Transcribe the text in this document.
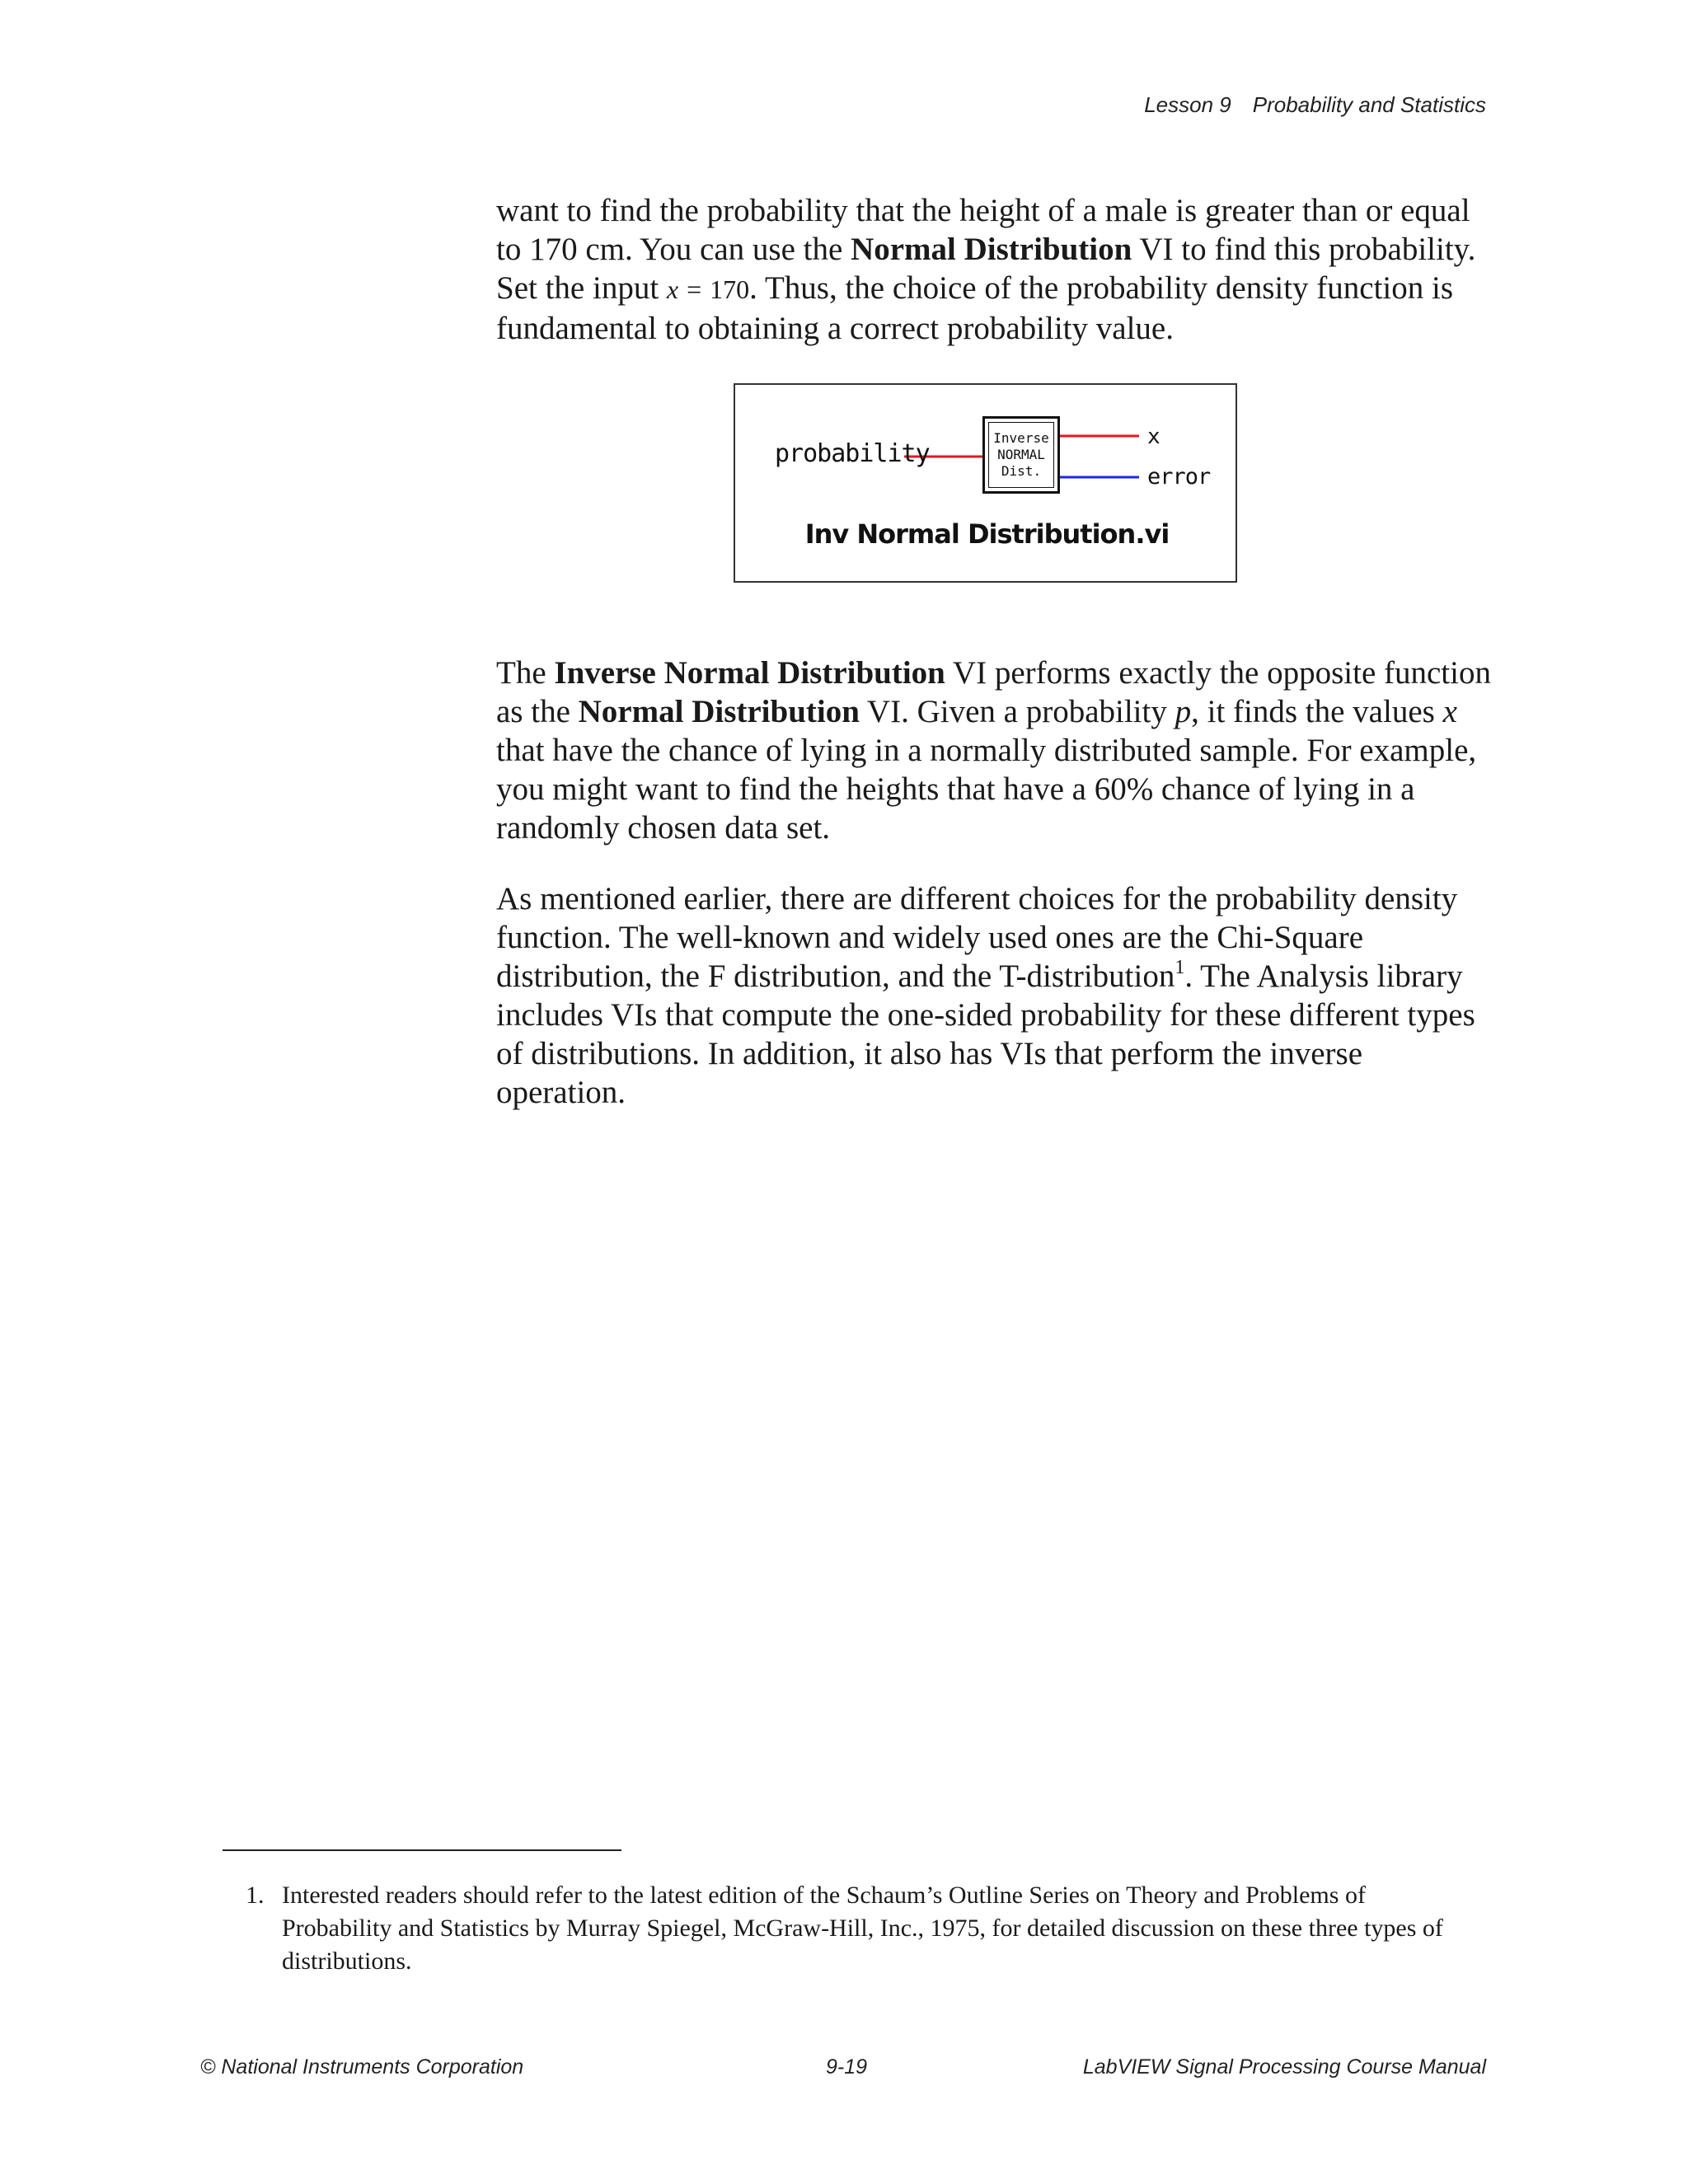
Lesson 9 Probability and Statistics

want to find the probability that the height of a male is greater than or equal to 170 cm. You can use the Normal Distribution VI to find this probability. Set the input x = 170. Thus, the choice of the probability density function is fundamental to obtaining a correct probability value.

probability
Inverse
NORMAL
Dist.
x
error
Inv Normal Distribution.vi

The Inverse Normal Distribution VI performs exactly the opposite function as the Normal Distribution VI. Given a probability p, it finds the values x that have the chance of lying in a normally distributed sample. For example, you might want to find the heights that have a 60% chance of lying in a randomly chosen data set.

As mentioned earlier, there are different choices for the probability density function. The well-known and widely used ones are the Chi-Square distribution, the F distribution, and the T-distribution$^1$. The Analysis library includes VIs that compute the one-sided probability for these different types of distributions. In addition, it also has VIs that perform the inverse operation.

1. Interested readers should refer to the latest edition of the Schaum’s Outline Series on Theory and Problems of Probability and Statistics by Murray Spiegel, McGraw-Hill, Inc., 1975, for detailed discussion on these three types of distributions.
© National Instruments Corporation	9-19	LabVIEW Signal Processing Course Manual
